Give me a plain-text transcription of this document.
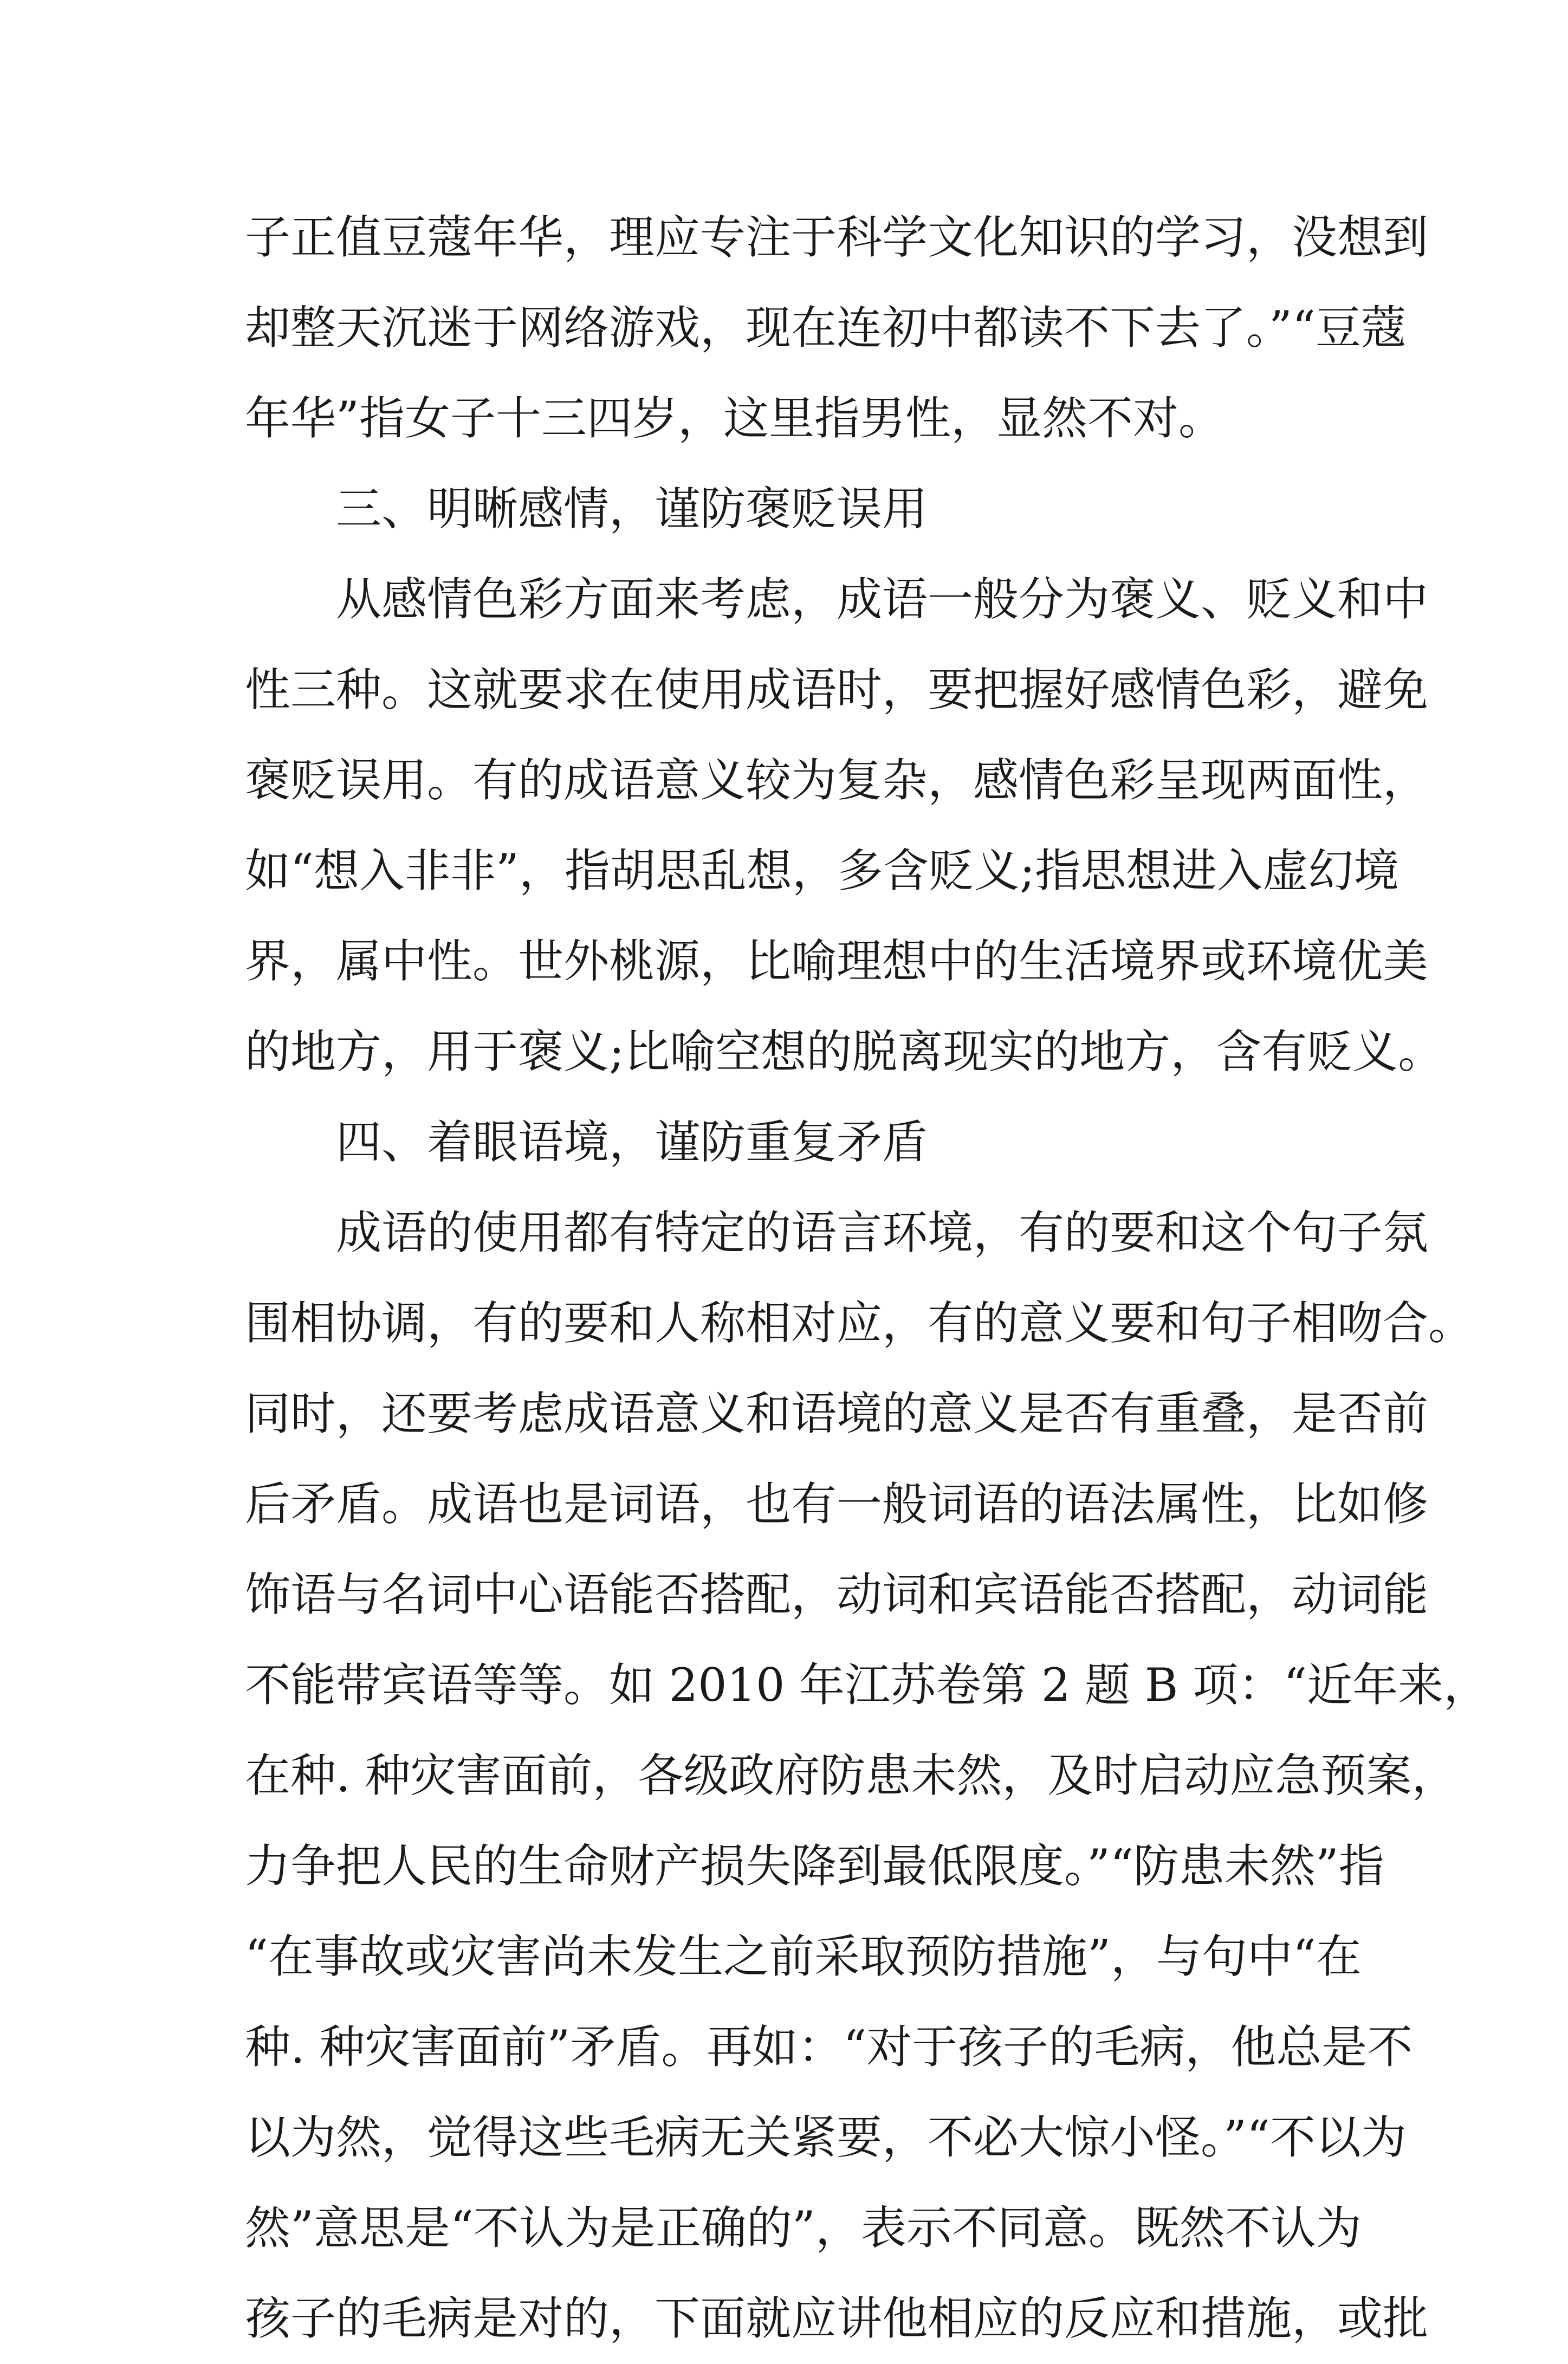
子正值豆蔻年华，理应专注于科学文化知识的学习，没想到
却整天沉迷于网络游戏，现在连初中都读不下去了。”“豆蔻
年华”指女子十三四岁，这里指男性，显然不对。
三、明晰感情，谨防褒贬误用
从感情色彩方面来考虑，成语一般分为褒义、贬义和中
性三种。这就要求在使用成语时，要把握好感情色彩，避免
褒贬误用。有的成语意义较为复杂，感情色彩呈现两面性，
如“想入非非”，指胡思乱想，多含贬义;指思想进入虚幻境
界，属中性。世外桃源，比喻理想中的生活境界或环境优美
的地方，用于褒义;比喻空想的脱离现实的地方，含有贬义。
四、着眼语境，谨防重复矛盾
成语的使用都有特定的语言环境，有的要和这个句子氛
围相协调，有的要和人称相对应，有的意义要和句子相吻合。
同时，还要考虑成语意义和语境的意义是否有重叠，是否前
后矛盾。成语也是词语，也有一般词语的语法属性，比如修
饰语与名词中心语能否搭配，动词和宾语能否搭配，动词能
不能带宾语等等。如 2010 年江苏卷第 2 题 B 项：“近年来，
在种. 种灾害面前，各级政府防患未然，及时启动应急预案，
力争把人民的生命财产损失降到最低限度。”“防患未然”指
“在事故或灾害尚未发生之前采取预防措施”，与句中“在
种. 种灾害面前”矛盾。再如：“对于孩子的毛病，他总是不
以为然，觉得这些毛病无关紧要，不必大惊小怪。”“不以为
然”意思是“不认为是正确的”，表示不同意。既然不认为
孩子的毛病是对的，下面就应讲他相应的反应和措施，或批
